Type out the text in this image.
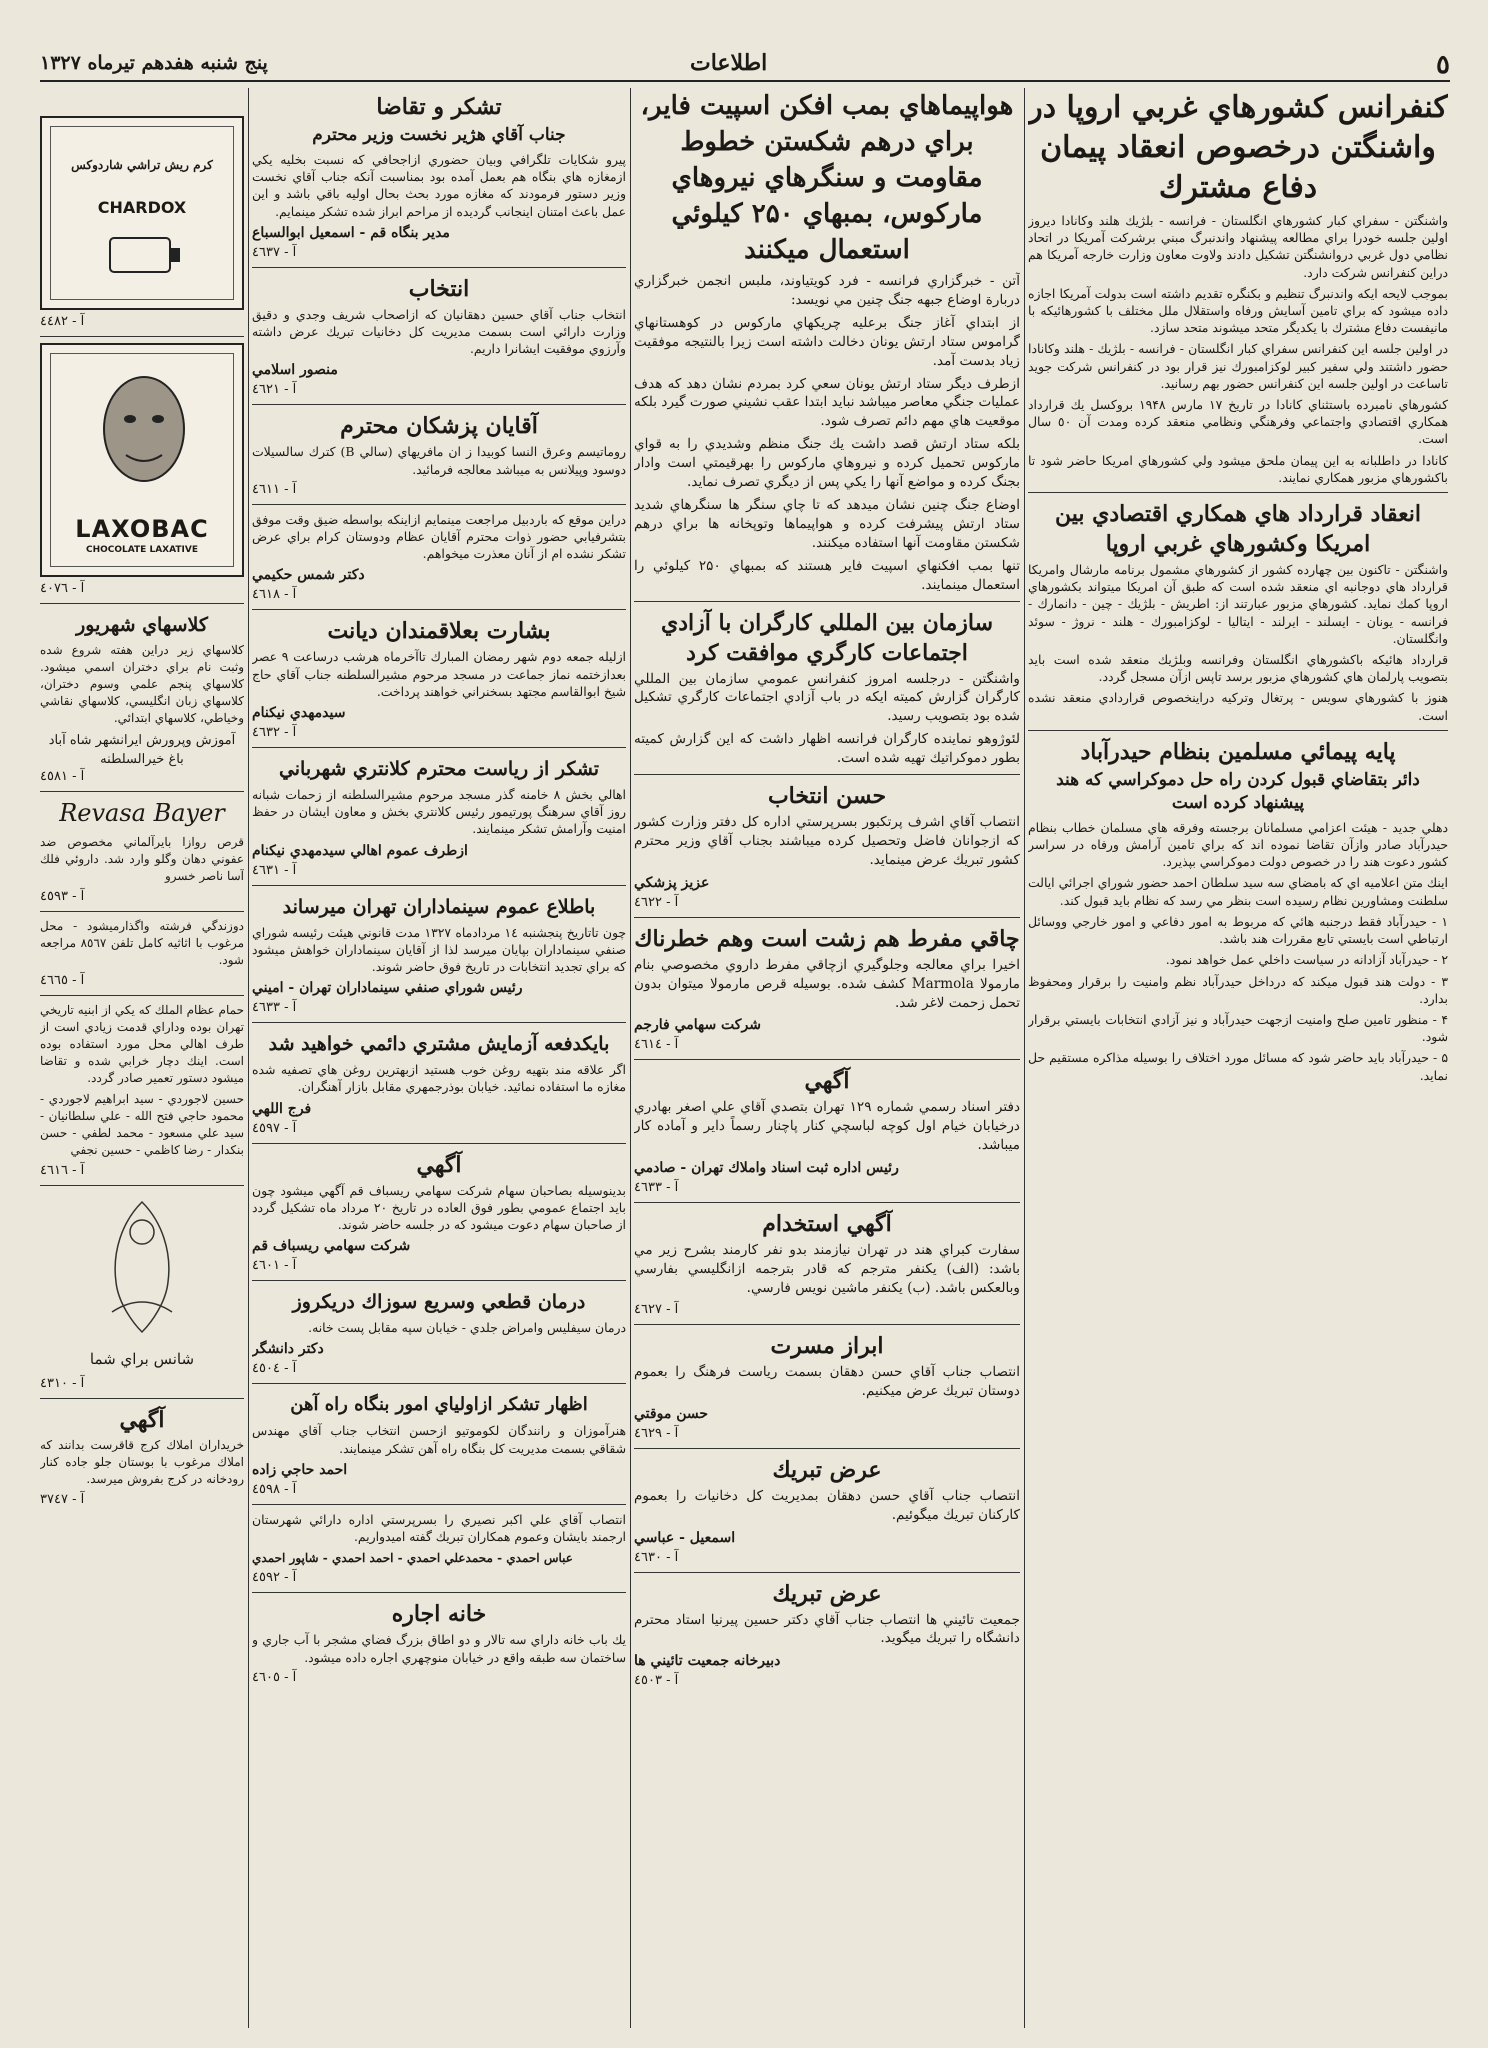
٥
اطلاعات
پنج شنبه هفدهم تیرماه ۱۳۲۷
كنفرانس كشورهاي غربي اروپا در واشنگتن درخصوص انعقاد پيمان دفاع مشترك
واشنگتن - سفراي كبار كشورهاي انگلستان - فرانسه - بلژيك هلند وكانادا ديروز اولين جلسه خودرا براي مطالعه پيشنهاد واندنبرگ مبني برشركت آمريكا در اتحاد نظامي دول غربي دروانشنگتن تشكيل دادند ولاوت معاون وزارت خارجه آمريكا هم دراين كنفرانس شركت دارد.
بموجب لايحه ايكه واندنبرگ تنظيم و بكنگره تقديم داشته است بدولت آمريكا اجازه داده ميشود كه براي تامين آسايش ورفاه واستقلال ملل مختلف با كشورهائيكه با مانيفست دفاع مشترك با يكديگر متحد ميشوند متحد سازد.
در اولين جلسه اين كنفرانس سفراي كبار انگلستان - فرانسه - بلژيك - هلند وكانادا حضور داشتند ولي سفير كبير لوكزامبورك نيز قرار بود در كنفرانس شركت جويد تاساعت در اولين جلسه اين كنفرانس حضور بهم رسانيد.
كشورهاي نامبرده باستثناي كانادا در تاريخ ۱۷ مارس ۱۹۴۸ بروكسل يك قرارداد همكاري اقتصادي واجتماعي وفرهنگي ونظامي منعقد كرده ومدت آن ٥٠ سال است.
كانادا در داطلبانه به اين پيمان ملحق ميشود ولي كشورهاي امريكا حاضر شود تا باكشورهاي مزبور همكاري نمايند.
انعقاد قرارداد هاي همكاري اقتصادي بين امريكا وكشورهاي غربي اروپا
واشنگتن - تاكنون بين چهارده كشور از كشورهاي مشمول برنامه مارشال وامريكا قرارداد هاي دوجانبه اي منعقد شده است كه طبق آن امريكا ميتواند بكشورهاي اروپا كمك نمايد. كشورهاي مزبور عبارتند از: اطريش - بلژيك - چين - دانمارك - فرانسه - يونان - ايسلند - ايرلند - ايتاليا - لوكزامبورك - هلند - نروژ - سوئد وانگلستان.
قرارداد هائيكه باكشورهاي انگلستان وفرانسه وبلژيك منعقد شده است بايد بتصويب پارلمان هاي كشورهاي مزبور برسد تاپس ازآن مسجل گردد.
هنوز با كشورهاي سويس - پرتغال وتركيه دراينخصوص قراردادي منعقد نشده است.
پايه پيمائي مسلمين بنظام حيدرآباد
دائر بتقاضاي قبول كردن راه حل دموكراسي كه هند پيشنهاد كرده است
دهلي جديد - هيئت اعزامي مسلمانان برجسته وفرقه هاي مسلمان خطاب بنظام حيدرآباد صادر وازآن تقاضا نموده اند كه براي تامين آرامش ورفاه در سراسر كشور دعوت هند را در خصوص دولت دموكراسي بپذيرد.
اينك متن اعلاميه اي كه بامضاي سه سيد سلطان احمد حضور شوراي اجرائي ايالت سلطنت ومشاورين نظام رسيده است بنظر مي رسد كه نظام بايد قبول كند.
۱ - حيدرآباد فقط درجنبه هائي كه مربوط به امور دفاعي و امور خارجي ووسائل ارتباطي است بايستي تابع مقررات هند باشد.
۲ - حيدرآباد آزادانه در سياست داخلي عمل خواهد نمود.
۳ - دولت هند قبول ميكند كه درداخل حيدرآباد نظم وامنيت را برقرار ومحفوظ بدارد.
۴ - منظور تامين صلح وامنيت ازجهت حيدرآباد و نيز آزادي انتخابات بايستي برقرار شود.
۵ - حيدرآباد بايد حاضر شود كه مسائل مورد اختلاف را بوسيله مذاكره مستقيم حل نمايد.
هواپيماهاي بمب افكن اسپيت فاير، براي درهم شكستن خطوط مقاومت و سنگرهاي نيروهاي ماركوس، بمبهاي ۲۵۰ كيلوئي استعمال ميكنند
آتن - خبرگزاري فرانسه - فرد كويتياوند، ملبس انجمن خبرگزاري دربارة اوضاع جبهه جنگ چنين مي نويسد:
از ابتداي آغاز جنگ برعليه چريكهاي ماركوس در كوهستانهاي گراموس ستاد ارتش يونان دخالت داشته است زيرا بالنتيجه موفقيت زياد بدست آمد.
ازطرف ديگر ستاد ارتش يونان سعي كرد بمردم نشان دهد كه هدف عمليات جنگي معاصر ميباشد نبايد ابتدا عقب نشيني صورت گيرد بلكه موقعيت هاي مهم دائم تصرف شود.
بلكه ستاد ارتش قصد داشت يك جنگ منظم وشديدي را به قواي ماركوس تحميل كرده و نيروهاي ماركوس را بهرقيمتي است وادار بجنگ كرده و مواضع آنها را يكي پس از ديگري تصرف نمايد.
اوضاع جنگ چنين نشان ميدهد كه تا چاي سنگر ها سنگرهاي شديد ستاد ارتش پيشرفت كرده و هواپيماها وتوپخانه ها براي درهم شكستن مقاومت آنها استفاده ميكنند.
تنها بمب افكنهاي اسپيت فاير هستند كه بمبهاي ۲۵۰ كيلوئي را استعمال مينمايند.
سازمان بين المللي كارگران با آزادي اجتماعات كارگري موافقت كرد
واشنگتن - درجلسه امروز كنفرانس عمومي سازمان بين المللي كارگران گزارش كميته ايكه در باب آزادي اجتماعات كارگري تشكيل شده بود بتصويب رسيد.
لئوژوهو نماينده كارگران فرانسه اظهار داشت كه اين گزارش كميته بطور دموكراتيك تهيه شده است.
حسن انتخاب
انتصاب آقاي اشرف پرتكبور بسرپرستي اداره كل دفتر وزارت كشور كه ازجوانان فاضل وتحصيل كرده ميباشند بجناب آقاي وزير محترم كشور تبريك عرض مينمايد.
عزيز پزشكي
آ - ٤٦٢٢
چاقي مفرط هم زشت است وهم خطرناك
اخيرا براي معالجه وجلوگيري ازچاقي مفرط داروي مخصوصي بنام مارمولا Marmola كشف شده. بوسيله قرص مارمولا ميتوان بدون تحمل زحمت لاغر شد.
شركت سهامي فارجم
آ - ٤٦١٤
آگهي
دفتر اسناد رسمي شماره ۱۲۹ تهران بتصدي آقاي علي اصغر بهادري درخيابان خيام اول كوچه لباسچي كنار پاچنار رسماً داير و آماده كار ميباشد.
رئيس اداره ثبت اسناد واملاك تهران - صادمي
آ - ٤٦٣٣
آگهي استخدام
سفارت كبراي هند در تهران نيازمند بدو نفر كارمند بشرح زير مي باشد: (الف) يكنفر مترجم كه قادر بترجمه ازانگليسي بفارسي وبالعكس باشد. (ب) يكنفر ماشين نويس فارسي.
آ - ٤٦٢٧
ابراز مسرت
انتصاب جناب آقاي حسن دهقان بسمت رياست فرهنگ را بعموم دوستان تبريك عرض ميكنيم.
حسن موقتي
آ - ٤٦٢٩
عرض تبريك
انتصاب جناب آقاي حسن دهقان بمديريت كل دخانيات را بعموم كاركنان تبريك ميگوئيم.
اسمعيل - عباسي
آ - ٤٦٣٠
عرض تبريك
جمعيت تائيني ها انتصاب جناب آقاي دكتر حسين پيرنيا استاد محترم دانشگاه را تبريك ميگويد.
دبيرخانه جمعيت تائيني ها
آ - ٤٥٠٣
تشكر و تقاضا
جناب آقاي هژير نخست وزير محترم
پيرو شكايات تلگرافي وبيان حضوري ازاجحافي كه نسبت بخليه يكي ازمغازه هاي بنگاه هم بعمل آمده بود بمناسبت آنكه جناب آقاي نخست وزير دستور فرمودند كه مغازه مورد بحث بحال اوليه باقي باشد و اين عمل باعث امتنان اينجانب گرديده از مراحم ابراز شده تشكر مينمايم.
مدير بنگاه قم - اسمعيل ابوالسباع
آ - ٤٦٣٧
انتخاب
انتخاب جناب آقاي حسين دهقانيان كه ازاصحاب شريف وجدي و دقيق وزارت دارائي است بسمت مديريت كل دخانيات تبريك عرض داشته وآرزوي موفقيت ايشانرا داريم.
منصور اسلامي
آ - ٤٦٢١
آقايان پزشكان محترم
روماتيسم وعرق النسا كوبيدا ز ان مافريهاي (سالي B) كترك سالسيلات دوسود وپيلانس به ميباشد معالجه فرمائيد.
آ - ٤٦١١
دراين موقع كه باردبيل مراجعت مينمايم ازاينكه بواسطه ضيق وقت موفق بتشرفيابي حضور ذوات محترم آقايان عظام ودوستان كرام براي عرض تشكر نشده ام از آنان معذرت ميخواهم.
دكتر شمس حكيمي
آ - ٤٦١٨
بشارت بعلاقمندان ديانت
ازليله جمعه دوم شهر رمضان المبارك تاآخرماه هرشب درساعت ۹ عصر بعدازختمه نماز جماعت در مسجد مرحوم مشيرالسلطنه جناب آقاي حاج شيخ ابوالقاسم مجتهد بسخنراني خواهند پرداخت.
سيدمهدي نيكنام
آ - ٤٦٣٢
تشكر از رياست محترم كلانتري شهرباني
اهالي بخش ۸ خامنه گذر مسجد مرحوم مشيرالسلطنه از زحمات شبانه روز آقاي سرهنگ پورتيمور رئيس كلانتري بخش و معاون ايشان در حفظ امنيت وآرامش تشكر مينمايند.
ازطرف عموم اهالي سيدمهدي نيكنام
آ - ٤٦٣١
باطلاع عموم سينماداران تهران ميرساند
چون تاتاريخ پنجشنبه ۱٤ مردادماه ۱۳۲۷ مدت قانوني هيئت رئيسه شوراي صنفي سينماداران بپايان ميرسد لذا از آقايان سينماداران خواهش ميشود كه براي تجديد انتخابات در تاريخ فوق حاضر شوند.
رئيس شوراي صنفي سينماداران تهران - اميني
آ - ٤٦٣٣
بايكدفعه آزمايش مشتري دائمي خواهيد شد
اگر علاقه مند بتهيه روغن خوب هستيد ازبهترين روغن هاي تصفيه شده مغازه ما استفاده نمائيد. خيابان بوذرجمهري مقابل بازار آهنگران.
فرج اللهي
آ - ٤٥٩٧
آگهي
بدينوسيله بصاحبان سهام شركت سهامي ريسباف قم آگهي ميشود چون بايد اجتماع عمومي بطور فوق العاده در تاريخ ۲۰ مرداد ماه تشكيل گردد از صاحبان سهام دعوت ميشود كه در جلسه حاضر شوند.
شركت سهامي ريسباف قم
آ - ٤٦٠١
درمان قطعي وسريع سوزاك دريكروز
درمان سيفليس وامراض جلدي - خيابان سپه مقابل پست خانه.
دكتر دانشگر
آ - ٤٥٠٤
اظهار تشكر ازاولياي امور بنگاه راه آهن
هنرآموزان و رانندگان لكوموتيو ازحسن انتخاب جناب آقاي مهندس شقاقي بسمت مديريت كل بنگاه راه آهن تشكر مينمايند.
احمد حاجي زاده
آ - ٤٥٩٨
انتصاب آقاي علي اكبر نصيري را بسرپرستي اداره دارائي شهرستان ارجمند بايشان وعموم همكاران تبريك گفته اميدواريم.
عباس احمدي - محمدعلي احمدي - احمد احمدي - شاپور احمدي
آ - ٤٥٩٢
خانه اجاره
يك باب خانه داراي سه تالار و دو اطاق بزرگ فضاي مشجر با آب جاري و ساختمان سه طبقه واقع در خيابان منوچهري اجاره داده ميشود.
آ - ٤٦٠٥
كرم ريش تراشي شاردوكس
CHARDOX
آ - ٤٤٨٢
LAXOBAC
CHOCOLATE LAXATIVE
آ - ٤٠٧٦
كلاسهاي شهريور
كلاسهاي زير دراين هفته شروع شده وثبت نام براي دختران اسمي ميشود. كلاسهاي پنجم علمي وسوم دختران، كلاسهاي زبان انگليسي، كلاسهاي نقاشي وخياطي، كلاسهاي ابتدائي.
آموزش وپرورش ايرانشهر شاه آباد باغ خيرالسلطنه
آ - ٤٥٨١
Revasa Bayer
قرص روازا بايرآلماني مخصوص ضد عفوني دهان وگلو وارد شد. داروئي فلك آسا ناصر خسرو
آ - ٤٥٩٣
دوزندگي فرشته واگذارميشود - محل مرغوب با اثاثيه كامل تلفن ٨٥٦٧ مراجعه شود.
آ - ٤٦٦٥
حمام عظام الملك كه يكي از ابنيه تاريخي تهران بوده وداراي قدمت زيادي است از طرف اهالي محل مورد استفاده بوده است. اينك دچار خرابي شده و تقاضا ميشود دستور تعمير صادر گردد.
حسين لاجوردي - سيد ابراهيم لاجوردي - محمود حاجي فتح الله - علي سلطانيان - سيد علي مسعود - محمد لطفي - حسن بنكدار - رضا كاظمي - حسين نجفي
آ - ٤٦١٦
شانس براي شما
آ - ٤٣١٠
آگهي
خريداران املاك كرج قاقرست بدانند كه املاك مرغوب با بوستان جلو جاده كنار رودخانه در كرج بفروش ميرسد.
آ - ٣٧٤٧
